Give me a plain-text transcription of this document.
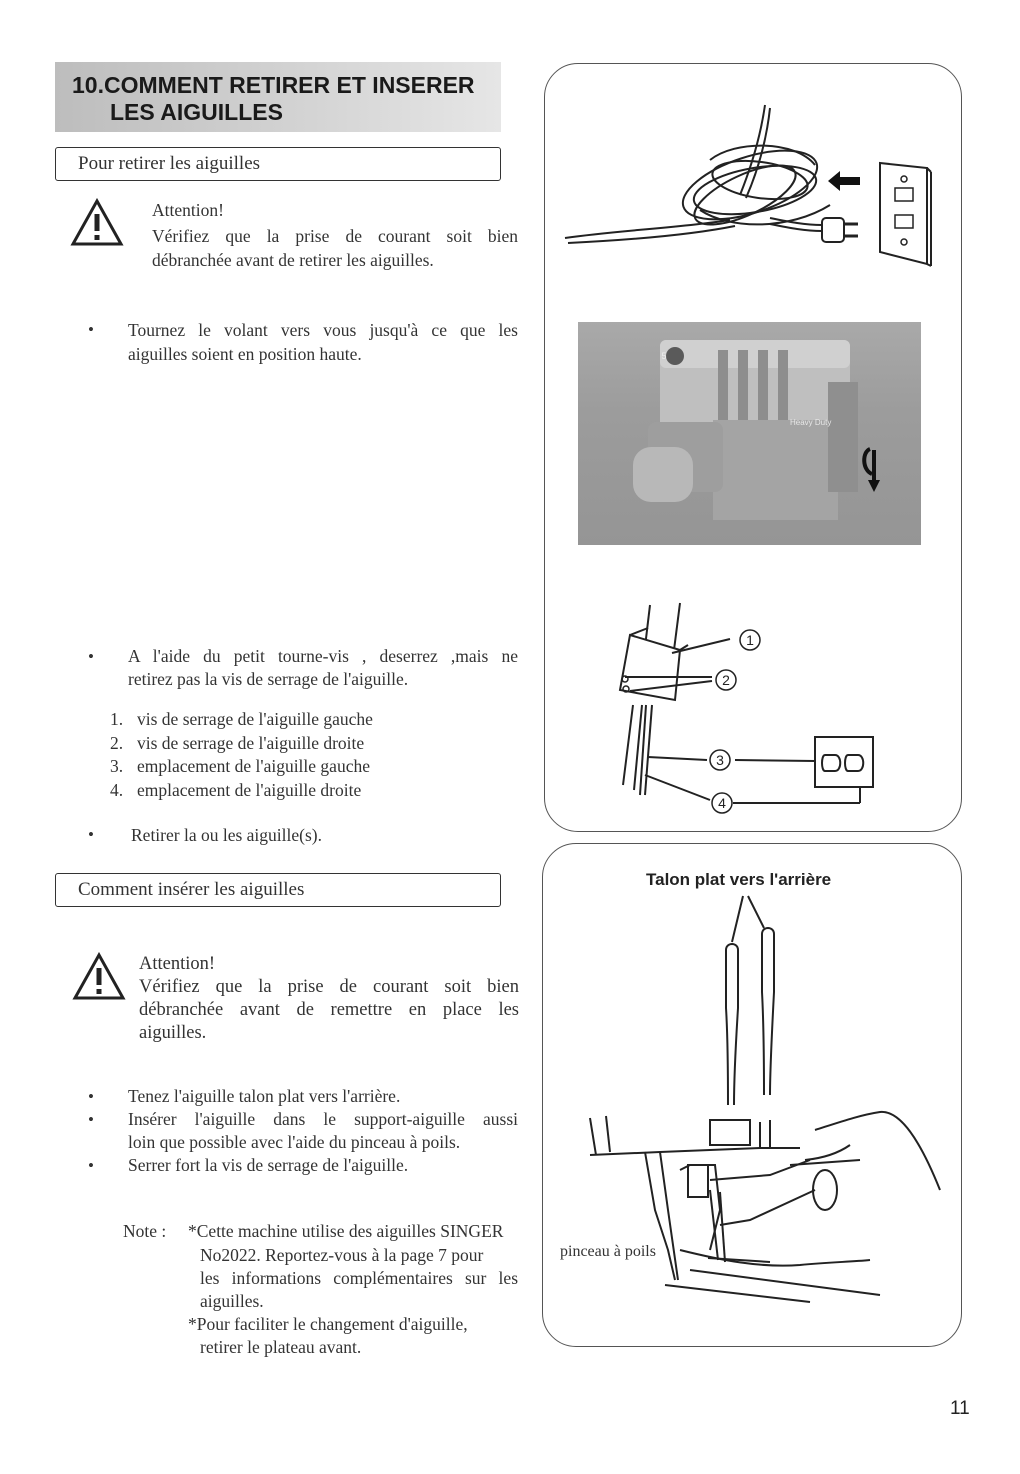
10.COMMENT RETIRER ET INSERER
LES AIGUILLES
Pour retirer les aiguilles
Attention!
Vérifiez que la prise de courant soit bien
débranchée avant de retirer les aiguilles.
• Tournez le volant vers vous jusqu'à ce que les
aiguilles soient en position haute.
• A l'aide du petit tourne-vis , deserrez ,mais ne
retirez pas la vis de serrage de l'aiguille.
1. vis de serrage de l'aiguille gauche
2. vis de serrage de l'aiguille droite
3. emplacement de l'aiguille gauche
4. emplacement de l'aiguille droite
• Retirer la ou les aiguille(s).
Comment insérer les aiguilles
Attention!
Vérifiez que la prise de courant soit bien
débranchée avant de remettre en place les
aiguilles.
• Tenez l'aiguille talon plat vers l'arrière.
• Insérer l'aiguille dans le support-aiguille aussi
loin que possible avec l'aide du pinceau à poils.
• Serrer fort la vis de serrage de l'aiguille.
Note : *Cette machine utilise des aiguilles SINGER
No2022. Reportez-vous à la page 7 pour
les informations complémentaires sur les
aiguilles.
*Pour faciliter le changement d'aiguille,
retirer le plateau avant.
5
Heavy Duty
1
2
3
4
Talon plat vers l'arrière
pinceau à poils
11
